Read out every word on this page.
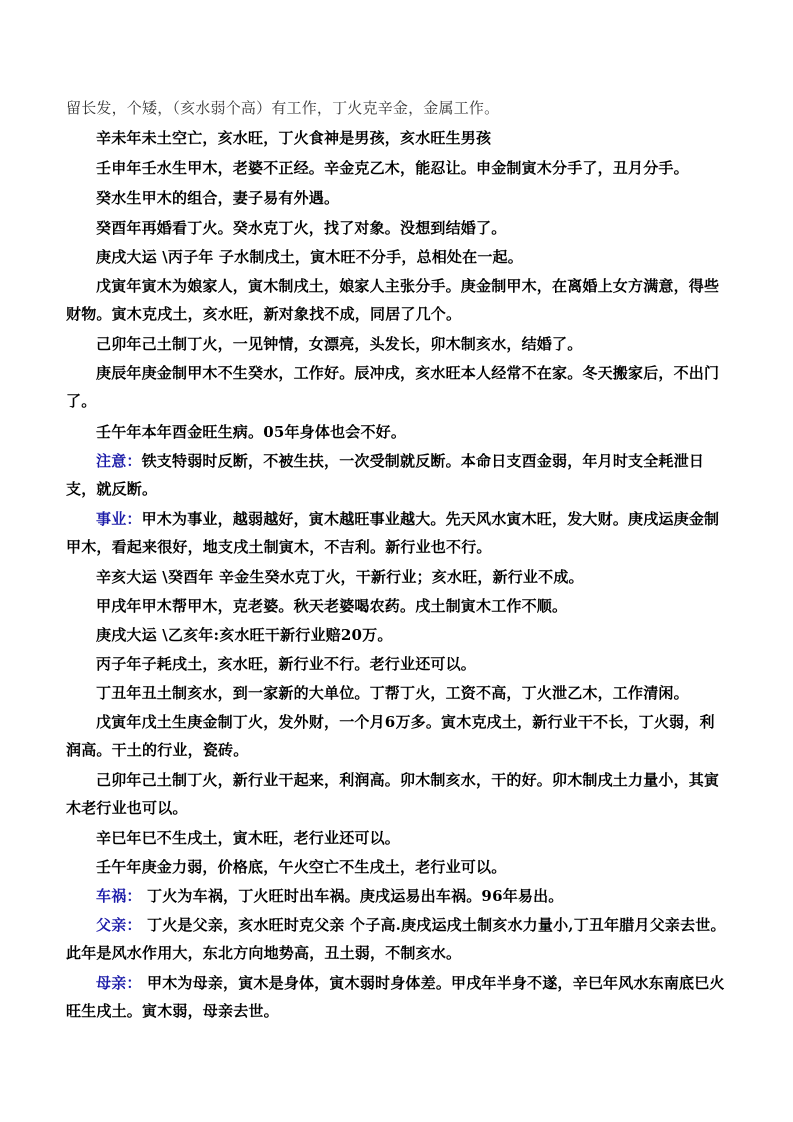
留长发，个矮，（亥水弱个高）有工作，丁火克辛金，金属工作。

辛未年未土空亡，亥水旺，丁火食神是男孩，亥水旺生男孩

壬申年壬水生甲木，老婆不正经。辛金克乙木，能忍让。申金制寅木分手了，丑月分手。

癸水生甲木的组合，妻子易有外遇。

癸酉年再婚看丁火。癸水克丁火，找了对象。没想到结婚了。

庚戌大运 \丙子年 子水制戌土，寅木旺不分手，总相处在一起。

戊寅年寅木为娘家人，寅木制戌土，娘家人主张分手。庚金制甲木，在离婚上女方满意，得些财物。寅木克戌土，亥水旺，新对象找不成，同居了几个。

己卯年己土制丁火，一见钟情，女漂亮，头发长，卯木制亥水，结婚了。

庚辰年庚金制甲木不生癸水，工作好。辰冲戌，亥水旺本人经常不在家。冬天搬家后，不出门了。

壬午年本年酉金旺生病。05年身体也会不好。

注意：铁支特弱时反断，不被生扶，一次受制就反断。本命日支酉金弱，年月时支全耗泄日支，就反断。

事业：甲木为事业，越弱越好，寅木越旺事业越大。先天风水寅木旺，发大财。庚戌运庚金制甲木，看起来很好，地支戌土制寅木，不吉利。新行业也不行。

辛亥大运 \癸酉年 辛金生癸水克丁火，干新行业；亥水旺，新行业不成。

甲戌年甲木帮甲木，克老婆。秋天老婆喝农药。戌土制寅木工作不顺。

庚戌大运 \乙亥年:亥水旺干新行业赔20万。

丙子年子耗戌土，亥水旺，新行业不行。老行业还可以。

丁丑年丑土制亥水，到一家新的大单位。丁帮丁火，工资不高，丁火泄乙木，工作清闲。

戊寅年戊土生庚金制丁火，发外财，一个月6万多。寅木克戌土，新行业干不长，丁火弱，利润高。干土的行业，瓷砖。

己卯年己土制丁火，新行业干起来，利润高。卯木制亥水，干的好。卯木制戌土力量小，其寅木老行业也可以。

辛巳年巳不生戌土，寅木旺，老行业还可以。

壬午年庚金力弱，价格底，午火空亡不生戌土，老行业可以。

车祸： 丁火为车祸，丁火旺时出车祸。庚戌运易出车祸。96年易出。

父亲： 丁火是父亲，亥水旺时克父亲 个子高.庚戌运戌土制亥水力量小,丁丑年腊月父亲去世。此年是风水作用大，东北方向地势高，丑土弱，不制亥水。

母亲： 甲木为母亲，寅木是身体，寅木弱时身体差。甲戌年半身不遂，辛巳年风水东南底巳火旺生戌土。寅木弱，母亲去世。
